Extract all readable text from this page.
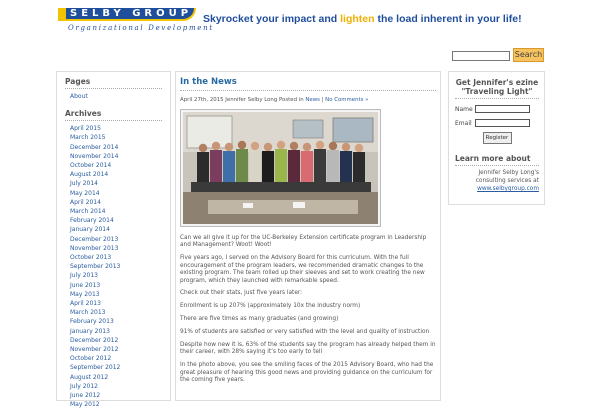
SELBY GROUP
Organizational Development
Skyrocket your impact and lighten the load inherent in your life!
Search
Pages
About
Archives
April 2015
March 2015
December 2014
November 2014
October 2014
August 2014
July 2014
May 2014
April 2014
March 2014
February 2014
January 2014
December 2013
November 2013
October 2013
September 2013
July 2013
June 2013
May 2013
April 2013
March 2013
February 2013
January 2013
December 2012
November 2012
October 2012
September 2012
August 2012
July 2012
June 2012
May 2012
In the News
April 27th, 2015 Jennifer Selby Long Posted in News | No Comments »

Can we all give it up for the UC-Berkeley Extension certificate program in Leadership and Management? Woot! Woot!

Five years ago, I served on the Advisory Board for this curriculum. With the full encouragement of the program leaders, we recommended dramatic changes to the existing program. The team rolled up their sleeves and set to work creating the new program, which they launched with remarkable speed.

Check out their stats, just five years later:

Enrollment is up 207% (approximately 10x the industry norm)

There are five times as many graduates (and growing)

91% of students are satisfied or very satisfied with the level and quality of instruction

Despite how new it is, 63% of the students say the program has already helped them in their career, with 28% saying it’s too early to tell

In the photo above, you see the smiling faces of the 2015 Advisory Board, who had the great pleasure of hearing this good news and providing guidance on the curriculum for the coming five years.

Get Jennifer's ezine "Traveling Light"
Name
Email
Register
Learn more about
Jennifer Selby Long's consulting services at www.selbygroup.com
